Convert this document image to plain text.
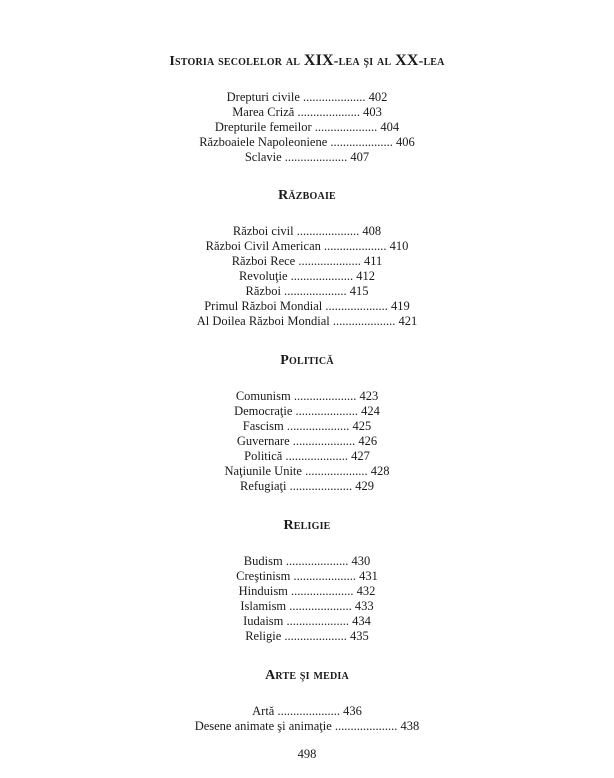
Istoria secolelor al XIX-lea şi al XX-lea
Drepturi civile .................... 402
Marea Criză .................... 403
Drepturile femeilor .................... 404
Războaiele Napoleoniene .................... 406
Sclavie .................... 407
Războaie
Război civil .................... 408
Război Civil American .................... 410
Război Rece .................... 411
Revoluţie .................... 412
Război .................... 415
Primul Război Mondial .................... 419
Al Doilea Război Mondial .................... 421
Politică
Comunism .................... 423
Democraţie .................... 424
Fascism .................... 425
Guvernare .................... 426
Politică .................... 427
Naţiunile Unite .................... 428
Refugiaţi .................... 429
Religie
Budism .................... 430
Creştinism .................... 431
Hinduism .................... 432
Islamism .................... 433
Iudaism .................... 434
Religie .................... 435
Arte şi media
Artă .................... 436
Desene animate şi animaţie .................... 438
498
